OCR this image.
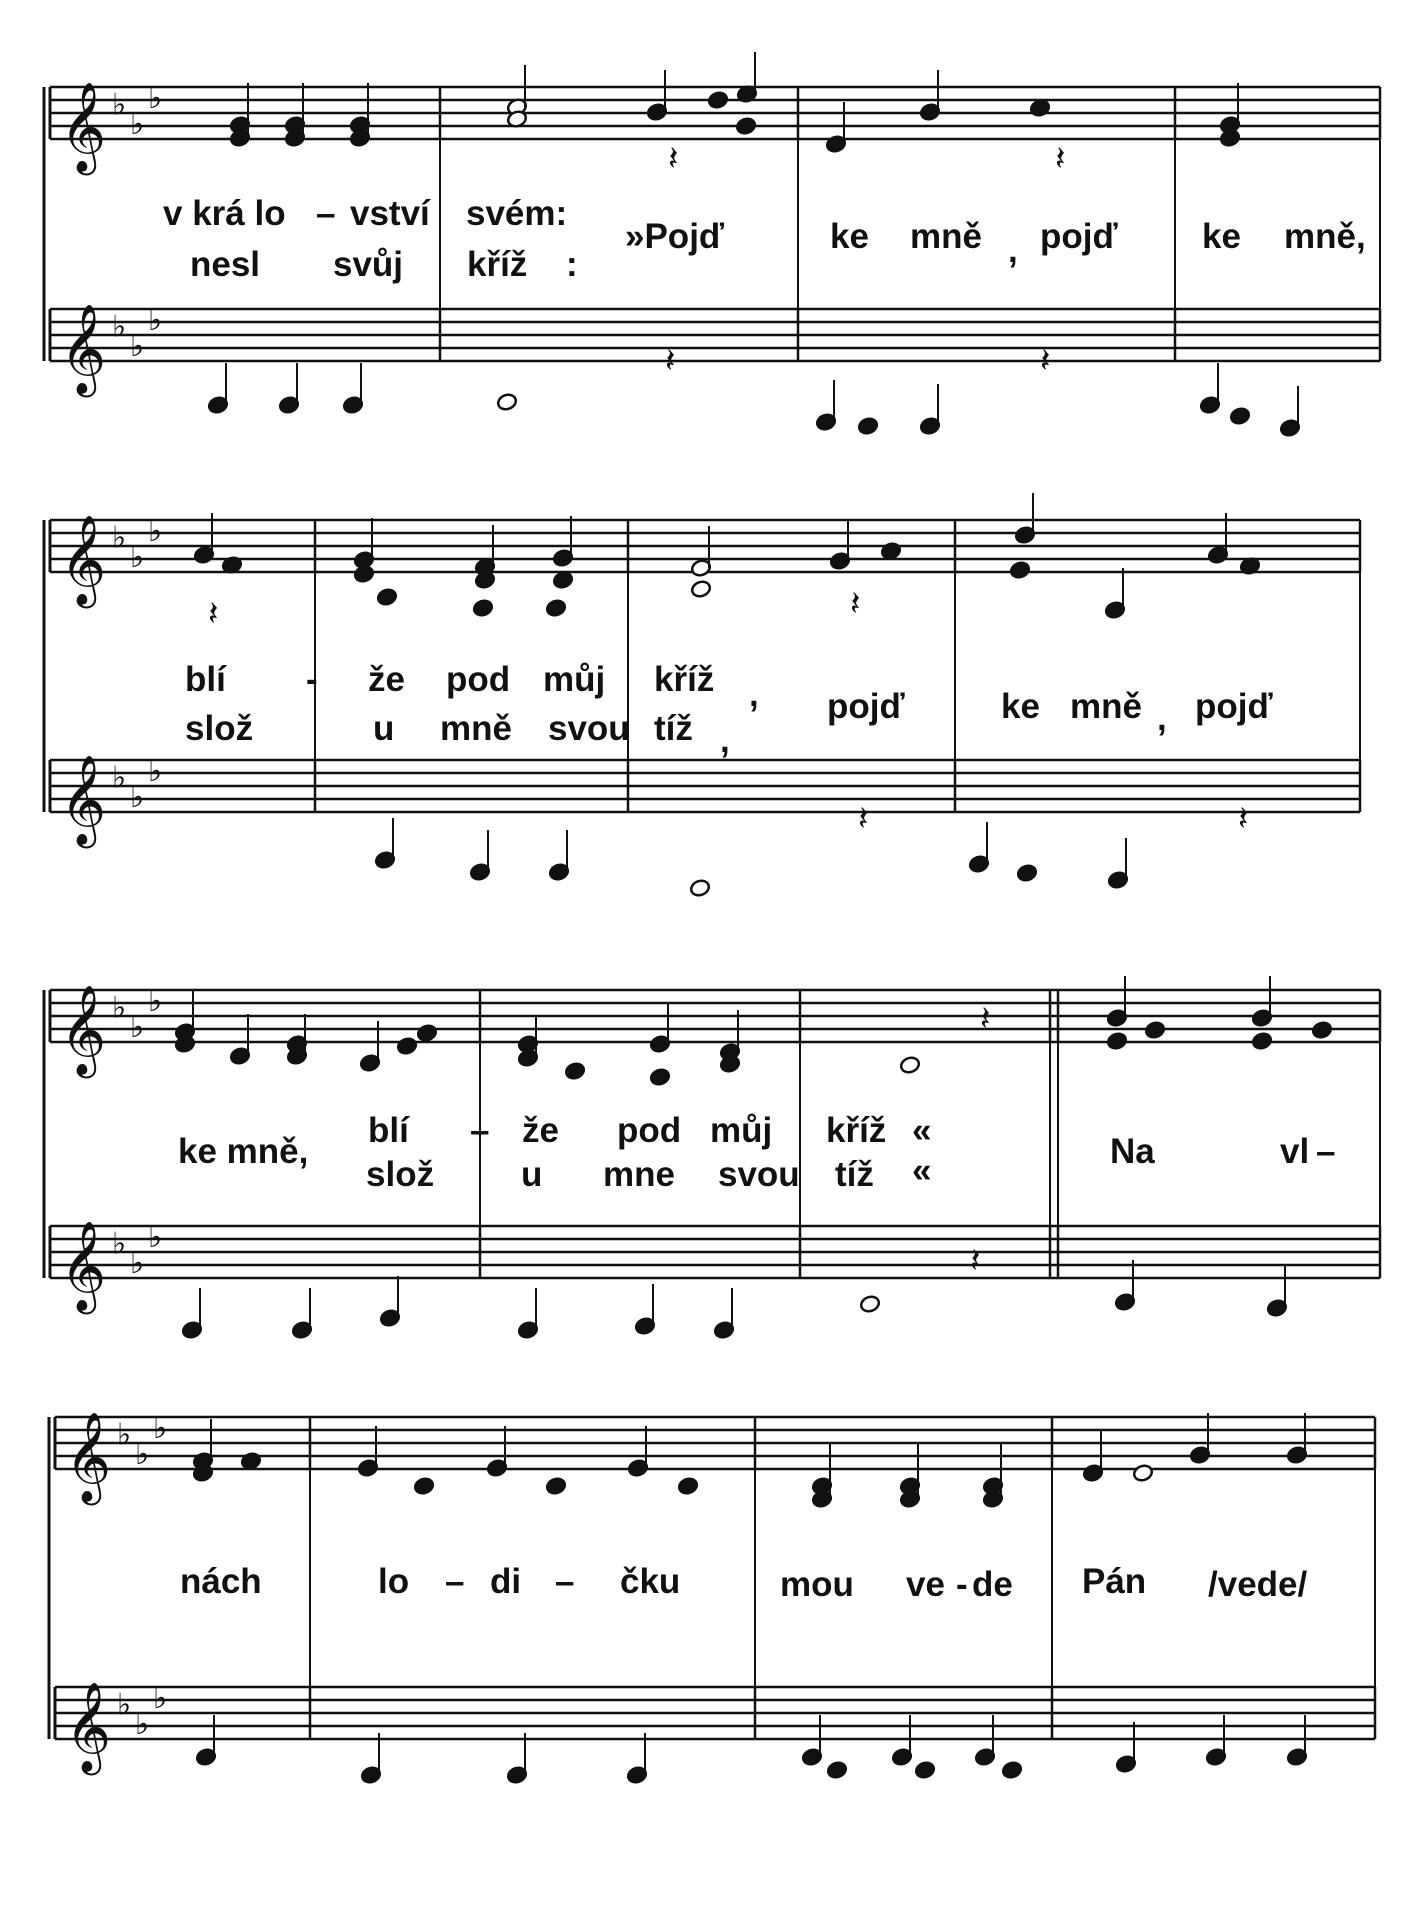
𝄞 ♭
♭
♭
𝄞 ♭
♭
♭
𝄞 ♭
♭
♭
𝄞 ♭
♭
♭
𝄞 ♭
♭
♭
𝄞 ♭
♭
♭
𝄞 ♭
♭
♭
𝄞 ♭
♭
♭
𝄽	𝄽
𝄽	𝄽
𝄽	𝄽
𝄽	𝄽
𝄽
𝄽
v krá lo – vství svém:
»Pojď	ke mně , pojď ke mně,
nesl svůj kříž :
blí - že pod můj kříž , pojď	ke mně , pojď
slož	u mně svou tíž ,
ke mně,
blí – že pod můj kříž «
Na	vl –
slož u mne svou tíž «
nách	lo – di – čku	mou ve - de Pán /vede/
